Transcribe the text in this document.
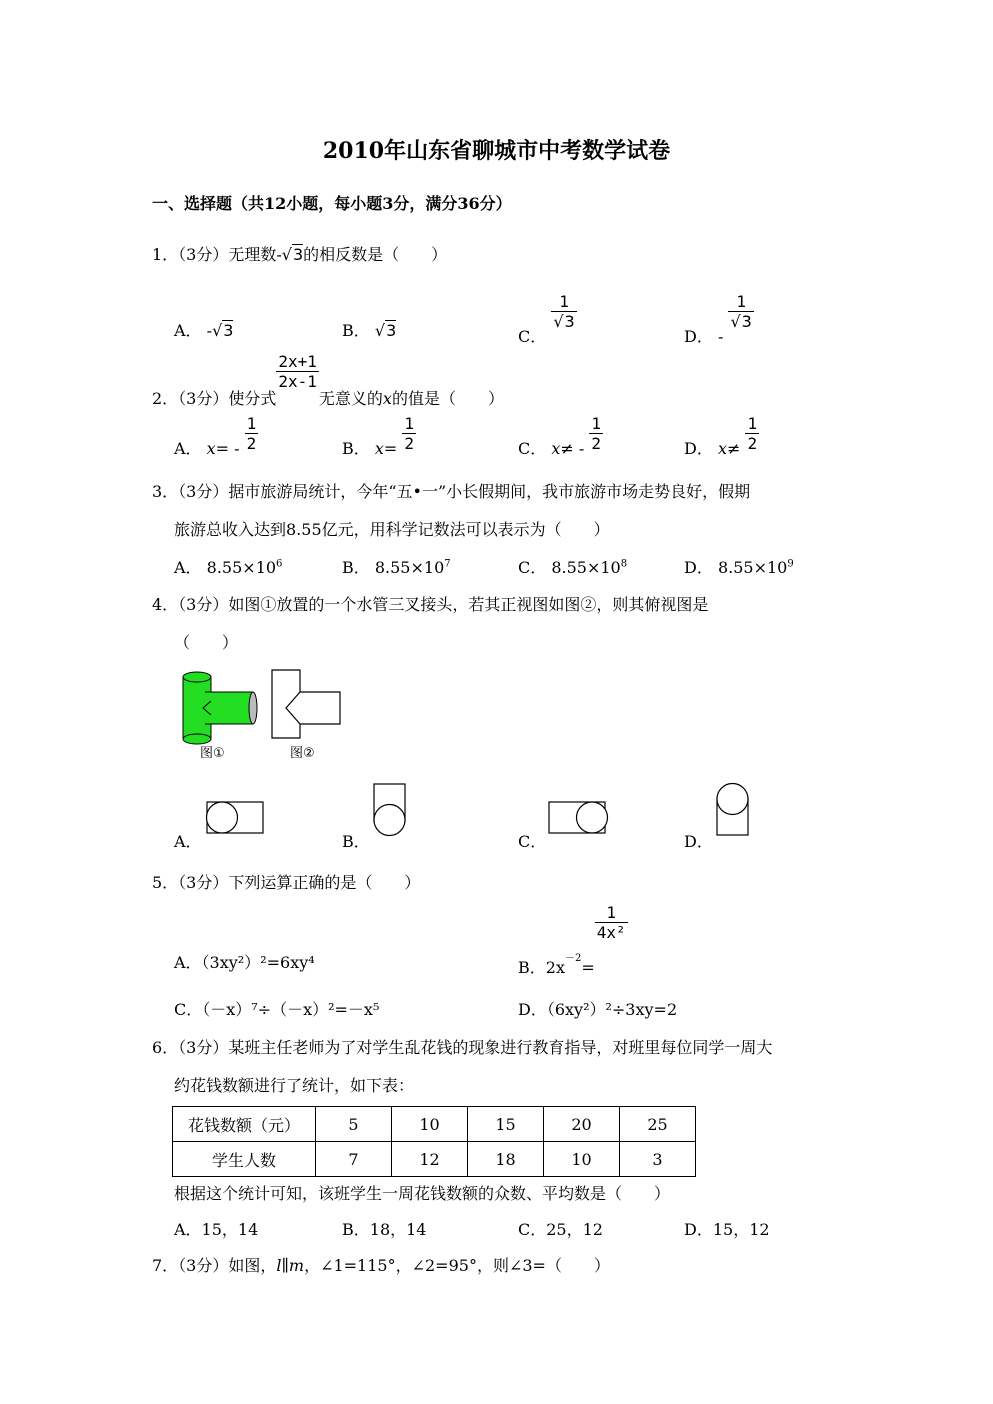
2010年山东省聊城市中考数学试卷
一、选择题（共12小题，每小题3分，满分36分）
1．（3分）无理数-√3的相反数是（　　）
A． -√3	B． √3	C．
$\frac{1}{√3}$
D． -
$\frac{1}{√3}$
2．（3分）使分式
$\frac{2x+1}{2x-1}$
无意义的x的值是（　　）
A． $x= - \frac{1}{2}$	B． $x= \frac{1}{2}$	C． $x\ne - \frac{1}{2}$	D． $x\ne \frac{1}{2}$
3．（3分）据市旅游局统计，今年“五•一”小长假期间，我市旅游市场走势良好，假期
旅游总收入达到8.55亿元，用科学记数法可以表示为（　　）
A． $8.55\times 10^6$	B． $8.55\times 10^7$	C． $8.55\times 10^8$	D． $8.55\times 10^9$
4．（3分）如图①放置的一个水管三叉接头，若其正视图如图②，则其俯视图是
（　　）
图①	图②
A．	B．	C．	D．
5．（3分）下列运算正确的是（　　）
A．（3xy²）²=6xy⁴	B．$2x^{-2}=$
$\frac{1}{\text{4x²}}$
C．（－x）⁷÷（－x）²=－x⁵	D．（6xy²）²÷3xy=2
6．（3分）某班主任老师为了对学生乱花钱的现象进行教育指导，对班里每位同学一周大
约花钱数额进行了统计，如下表：
花钱数额（元）	5	10	15	20	25
学生人数	7	12	18	10	3
根据这个统计可知，该班学生一周花钱数额的众数、平均数是（　　）
A．15，14	B．18，14	C．25，12	D．15，12
7．（3分）如图，l∥m，∠1=115°，∠2=95°，则∠3=（　　）
